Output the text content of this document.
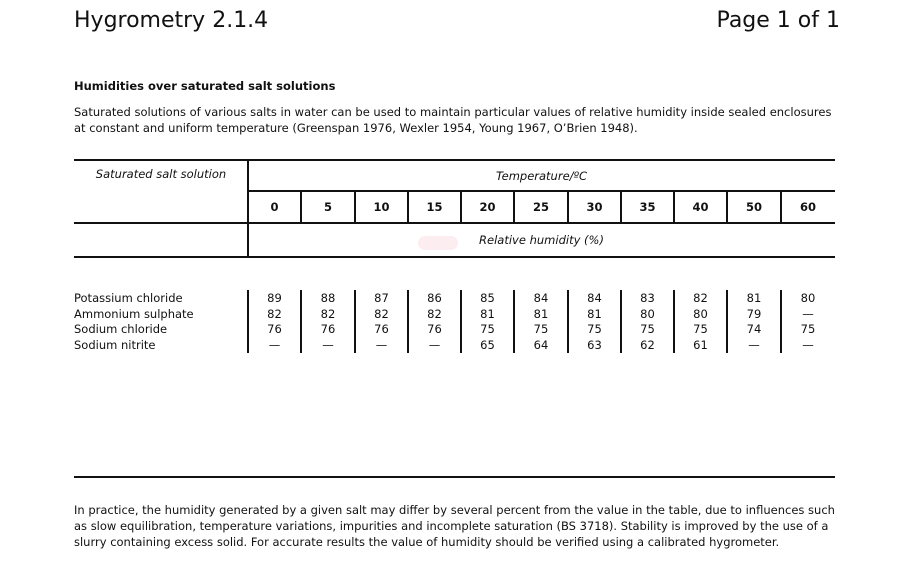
Hygrometry 2.1.4	Page 1 of 1
Humidities over saturated salt solutions
Saturated solutions of various salts in water can be used to maintain particular values of relative humidity inside sealed enclosures at constant and uniform temperature (Greenspan 1976, Wexler 1954, Young 1967, O’Brien 1948).
Saturated salt solution	Temperature/ºC
Relative humidity (%)
0	5	10	15	20	25	30	35	40	50	60
Potassium chloride	89	88	87	86	85	84	84	83	82	81	80
Ammonium sulphate	82	82	82	82	81	81	81	80	80	79	—
Sodium chloride	76	76	76	76	75	75	75	75	75	74	75
Sodium nitrite	—	—	—	—	65	64	63	62	61	—	—
In practice, the humidity generated by a given salt may differ by several percent from the value in the table, due to influences such as slow equilibration, temperature variations, impurities and incomplete saturation (BS 3718). Stability is improved by the use of a slurry containing excess solid. For accurate results the value of humidity should be verified using a calibrated hygrometer.
